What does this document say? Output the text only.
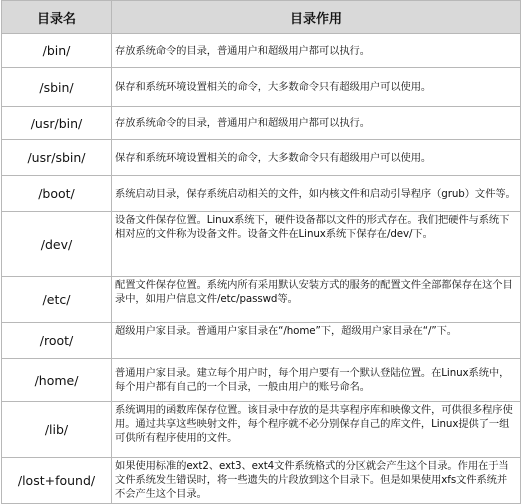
目录名	目录作用
/bin/	存放系统命令的目录，普通用户和超级用户都可以执行。
/sbin/	保存和系统环境设置相关的命令，大多数命令只有超级用户可以使用。
/usr/bin/	存放系统命令的目录，普通用户和超级用户都可以执行。
/usr/sbin/	保存和系统环境设置相关的命令，大多数命令只有超级用户可以使用。
/boot/	系统启动目录，保存系统启动相关的文件，如内核文件和启动引导程序（grub）文件等。
/dev/	设备文件保存位置。Linux系统下，硬件设备都以文件的形式存在。我们把硬件与系统下相对应的文件称为设备文件。设备文件在Linux系统下保存在/dev/下。
/etc/	配置文件保存位置。系统内所有采用默认安装方式的服务的配置文件全部都保存在这个目录中，如用户信息文件/etc/passwd等。
/root/	超级用户家目录。普通用户家目录在“/home”下，超级用户家目录在“/”下。
/home/	普通用户家目录。建立每个用户时，每个用户要有一个默认登陆位置。在Linux系统中，每个用户都有自己的一个目录，一般由用户的账号命名。
/lib/	系统调用的函数库保存位置。该目录中存放的是共享程序库和映像文件，可供很多程序使用。通过共享这些映射文件，每个程序就不必分别保存自己的库文件，Linux提供了一组可供所有程序使用的文件。
/lost+found/	如果使用标准的ext2、ext3、ext4文件系统格式的分区就会产生这个目录。作用在于当文件系统发生错误时，将一些遗失的片段放到这个目录下。但是如果使用xfs文件系统并不会产生这个目录。
